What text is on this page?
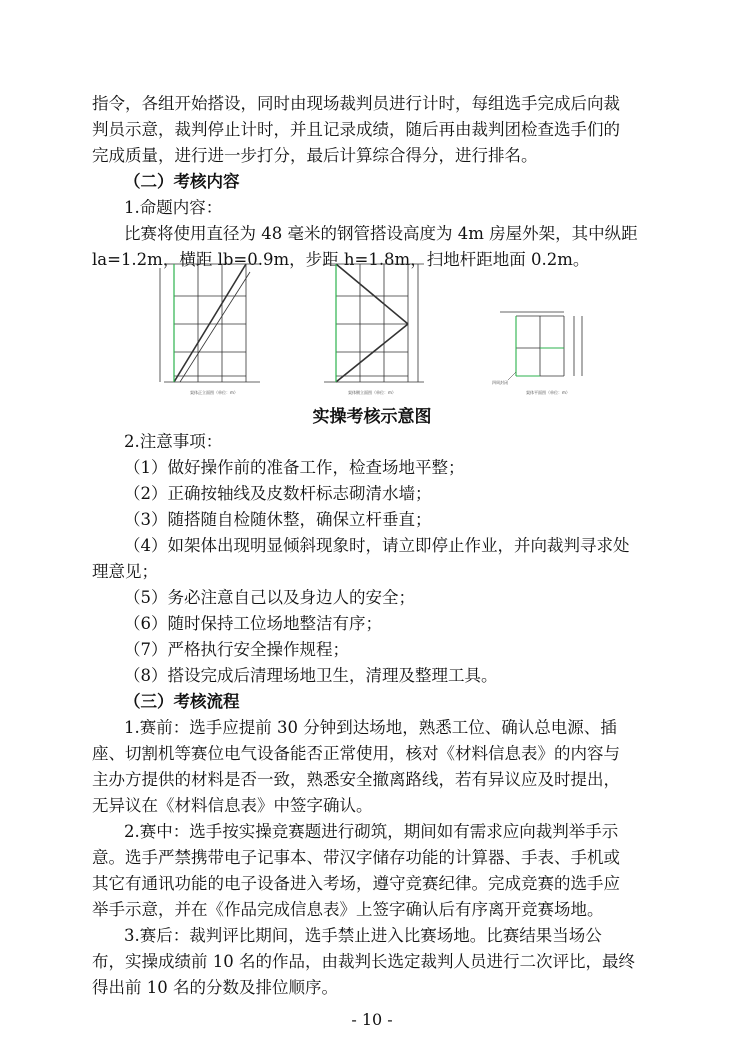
指令，各组开始搭设，同时由现场裁判员进行计时，每组选手完成后向裁
判员示意，裁判停止计时，并且记录成绩，随后再由裁判团检查选手们的
完成质量，进行进一步打分，最后计算综合得分，进行排名。
（二）考核内容
1.命题内容：
比赛将使用直径为 48 毫米的钢管搭设高度为 4m 房屋外架，其中纵距
la=1.2m，横距 lb=0.9m，步距 h=1.8m，扫地杆距地面 0.2m。
架体正立面图（单位：m）	架体侧立面图（单位：m）
四周封闭
架体平面图（单位：m）
实操考核示意图
2.注意事项：
（1）做好操作前的准备工作，检查场地平整；
（2）正确按轴线及皮数杆标志砌清水墙；
（3）随搭随自检随休整，确保立杆垂直；
（4）如架体出现明显倾斜现象时，请立即停止作业，并向裁判寻求处
理意见；
（5）务必注意自己以及身边人的安全；
（6）随时保持工位场地整洁有序；
（7）严格执行安全操作规程；
（8）搭设完成后清理场地卫生，清理及整理工具。
（三）考核流程
1.赛前：选手应提前 30 分钟到达场地，熟悉工位、确认总电源、插
座、切割机等赛位电气设备能否正常使用，核对《材料信息表》的内容与
主办方提供的材料是否一致，熟悉安全撤离路线，若有异议应及时提出，
无异议在《材料信息表》中签字确认。
2.赛中：选手按实操竞赛题进行砌筑，期间如有需求应向裁判举手示
意。选手严禁携带电子记事本、带汉字储存功能的计算器、手表、手机或
其它有通讯功能的电子设备进入考场，遵守竞赛纪律。完成竞赛的选手应
举手示意，并在《作品完成信息表》上签字确认后有序离开竞赛场地。
3.赛后：裁判评比期间，选手禁止进入比赛场地。比赛结果当场公
布，实操成绩前 10 名的作品，由裁判长选定裁判人员进行二次评比，最终
得出前 10 名的分数及排位顺序。
- 10 -
